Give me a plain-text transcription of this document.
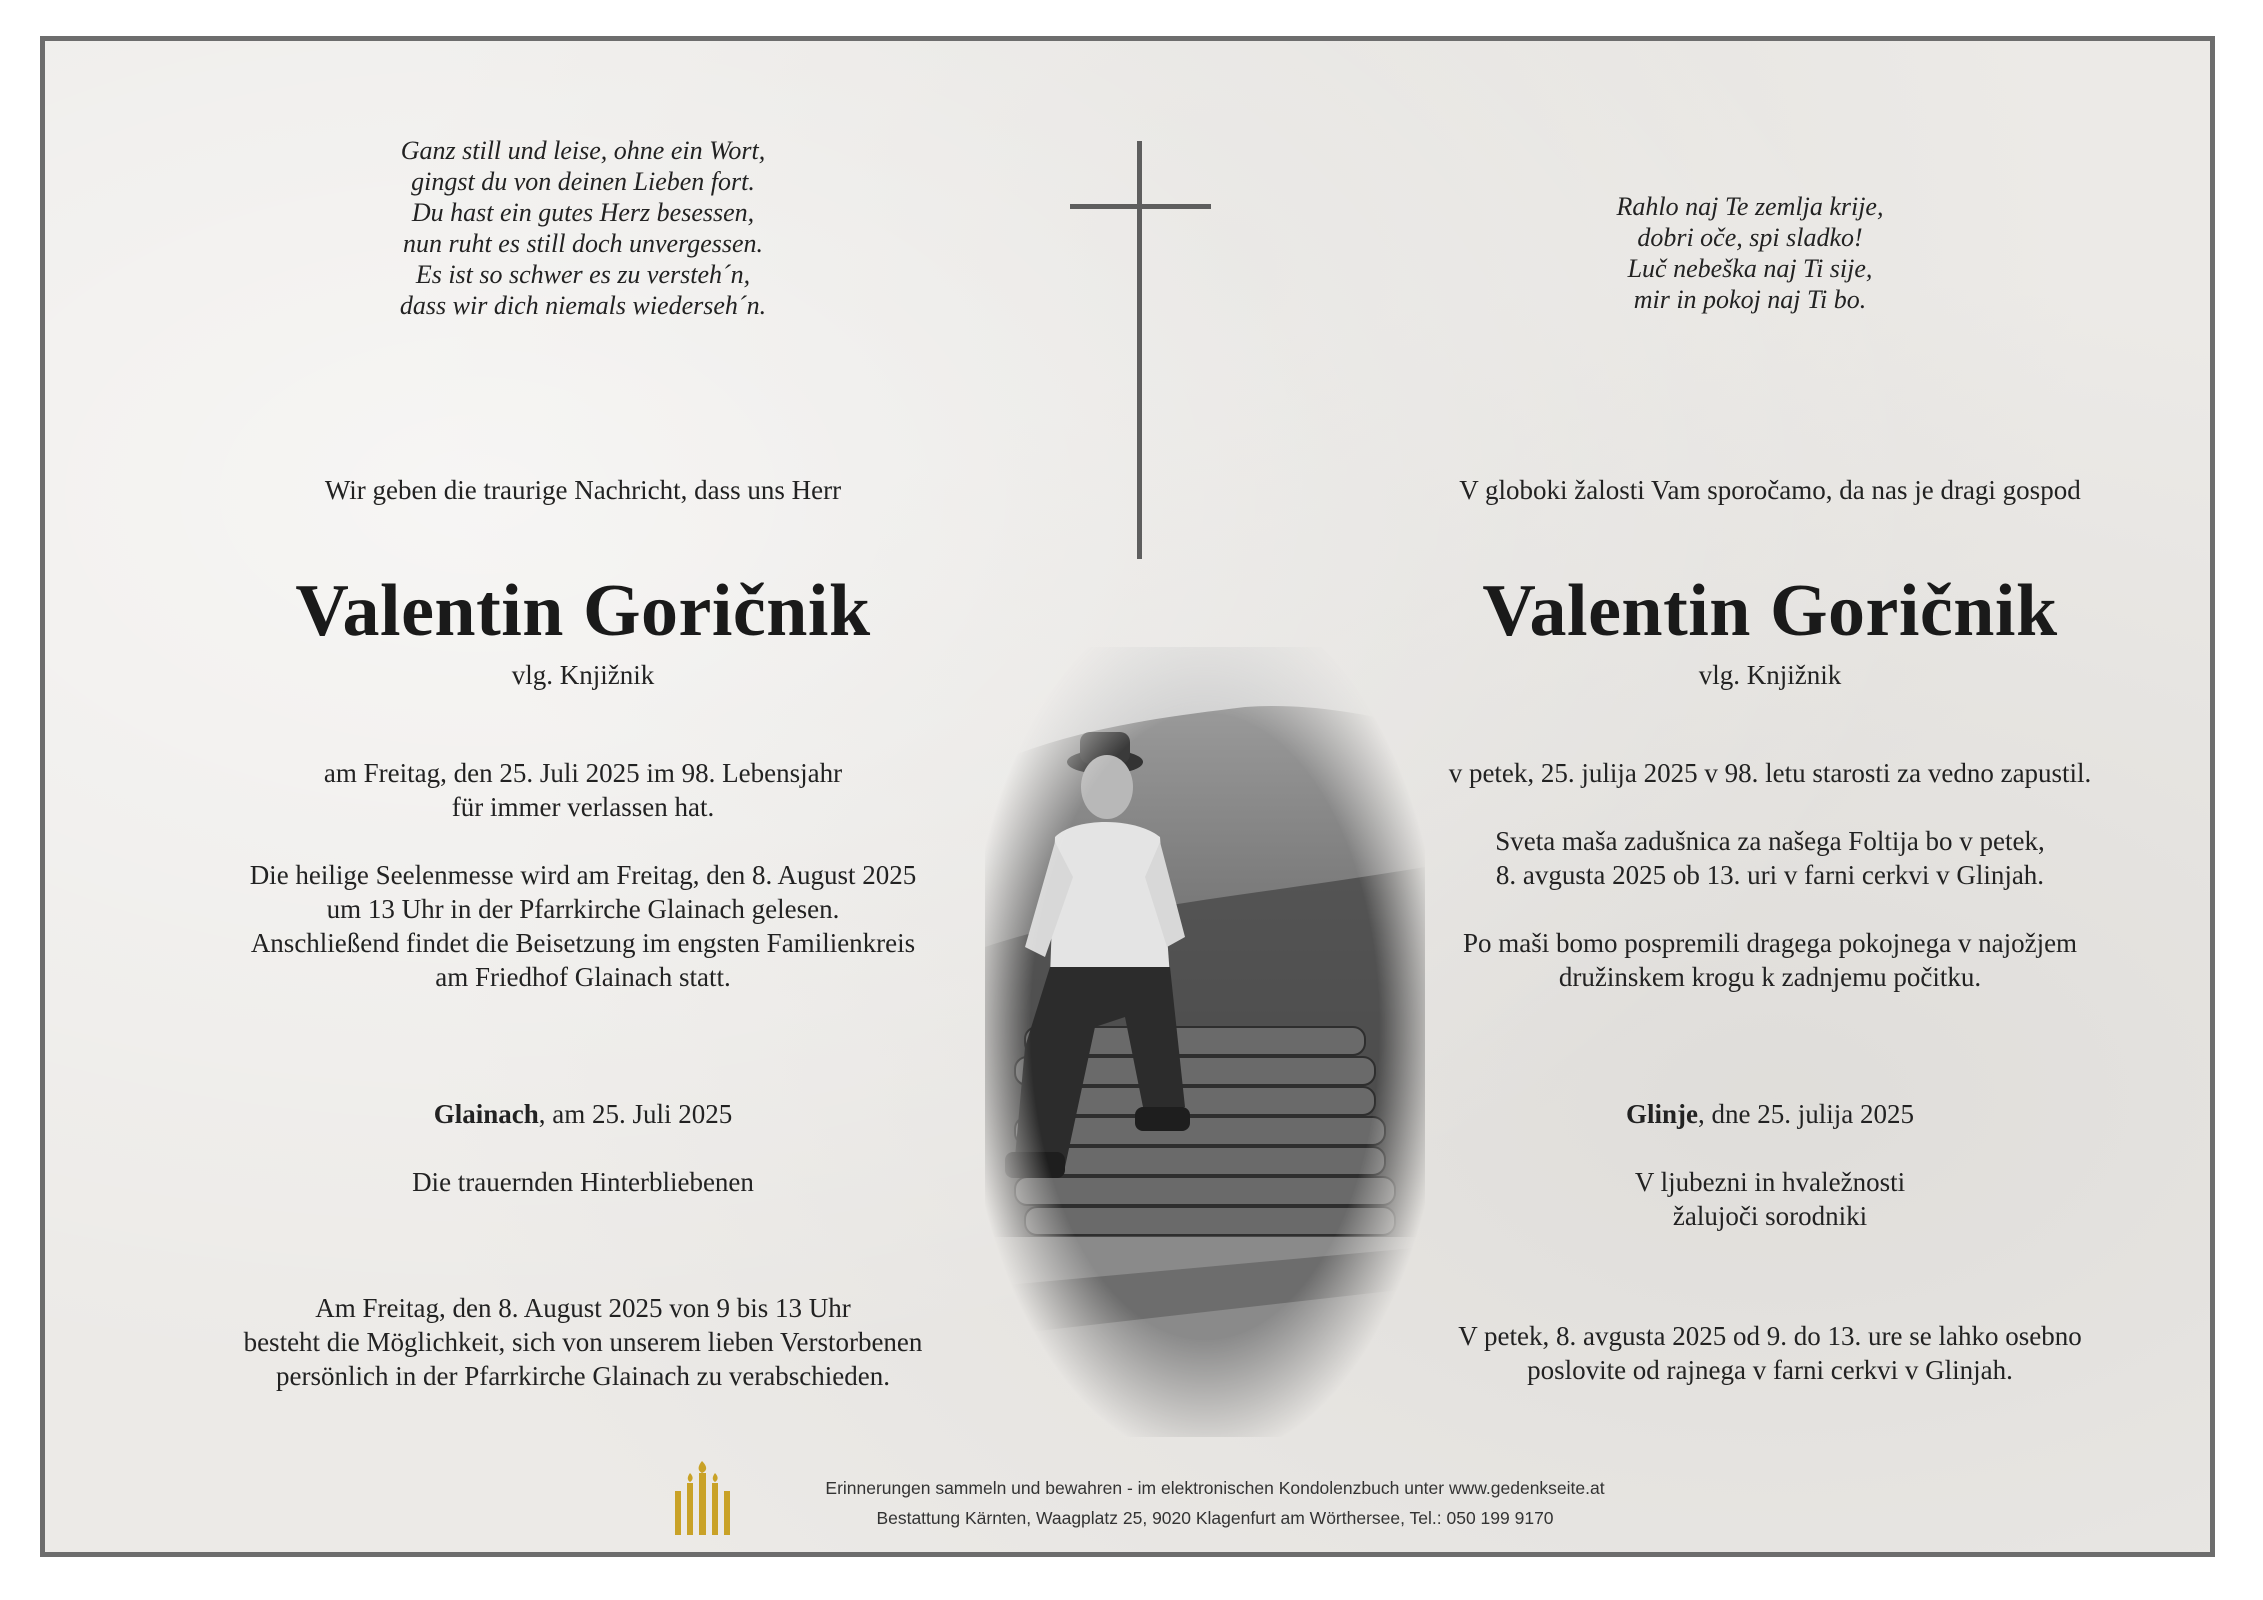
Ganz still und leise, ohne ein Wort,
gingst du von deinen Lieben fort.
Du hast ein gutes Herz besessen,
nun ruht es still doch unvergessen.
Es ist so schwer es zu versteh´n,
dass wir dich niemals wiederseh´n.
Rahlo naj Te zemlja krije,
dobri oče, spi sladko!
Luč nebeška naj Ti sije,
mir in pokoj naj Ti bo.
Wir geben die traurige Nachricht, dass uns Herr	V globoki žalosti Vam sporočamo, da nas je dragi gospod
Valentin Goričnik	Valentin Goričnik
vlg. Knjižnik	vlg. Knjižnik
am Freitag, den 25. Juli 2025 im 98. Lebensjahr
für immer verlassen hat.
Die heilige Seelenmesse wird am Freitag, den 8. August 2025
um 13 Uhr in der Pfarrkirche Glainach gelesen.
Anschließend findet die Beisetzung im engsten Familienkreis
am Friedhof Glainach statt.
Glainach, am 25. Juli 2025
Die trauernden Hinterbliebenen
Am Freitag, den 8. August 2025 von 9 bis 13 Uhr
besteht die Möglichkeit, sich von unserem lieben Verstorbenen
persönlich in der Pfarrkirche Glainach zu verabschieden.
v petek, 25. julija 2025 v 98. letu starosti za vedno zapustil.
Sveta maša zadušnica za našega Foltija bo v petek,
8. avgusta 2025 ob 13. uri v farni cerkvi v Glinjah.
Po maši bomo pospremili dragega pokojnega v najožjem
družinskem krogu k zadnjemu počitku.
Glinje, dne 25. julija 2025
V ljubezni in hvaležnosti
žalujoči sorodniki
V petek, 8. avgusta 2025 od 9. do 13. ure se lahko osebno
poslovite od rajnega v farni cerkvi v Glinjah.
Erinnerungen sammeln und bewahren - im elektronischen Kondolenzbuch unter www.gedenkseite.at
Bestattung Kärnten, Waagplatz 25, 9020 Klagenfurt am Wörthersee, Tel.: 050 199 9170
